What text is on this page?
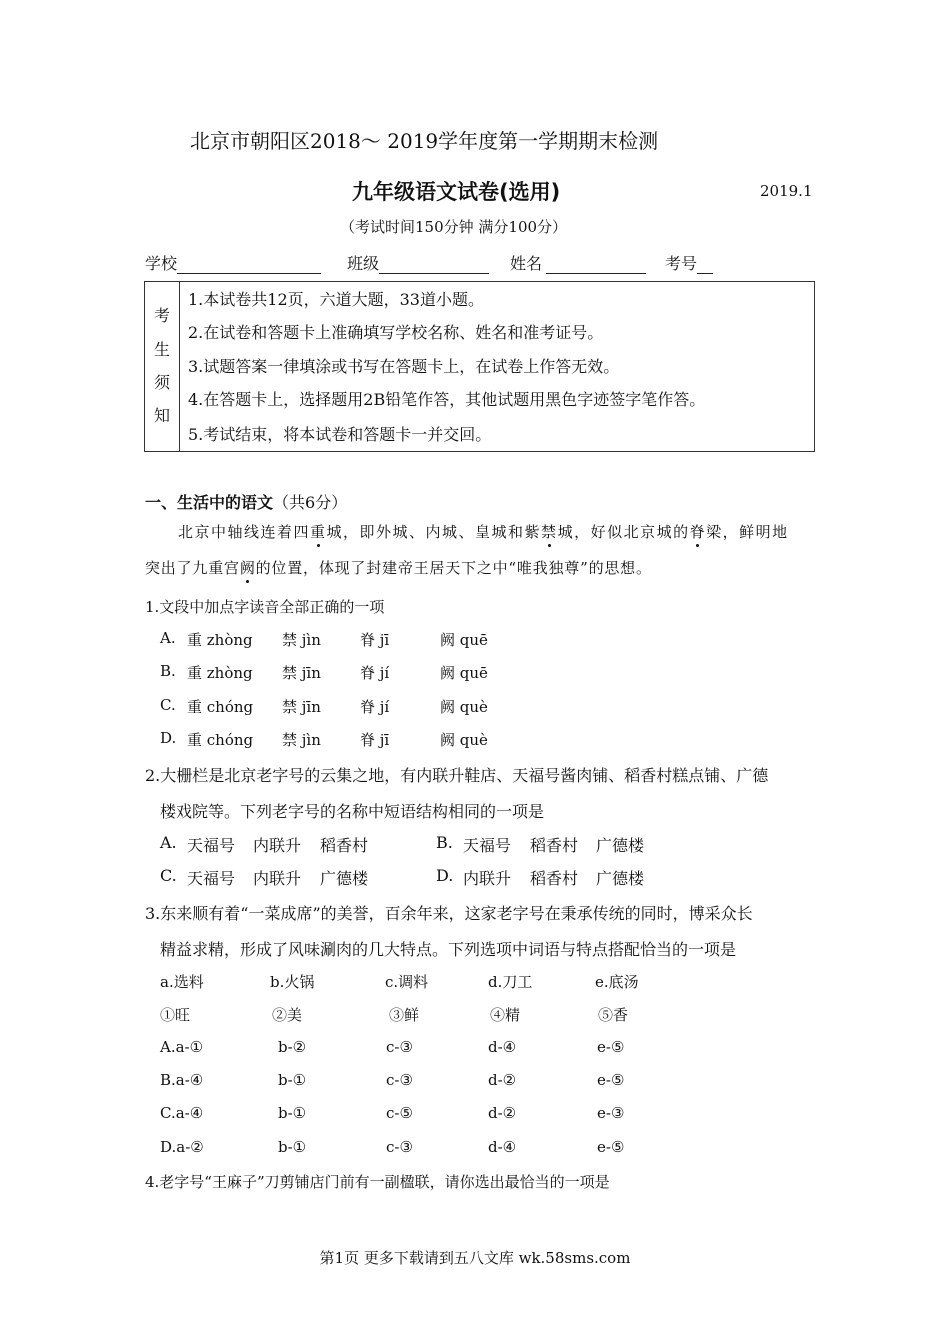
北京市朝阳区2018～ 2019学年度第一学期期末检测
九年级语文试卷(选用)	2019.1
（考试时间150分钟 满分100分）
学校	班级	姓名	考号
考
生
须
知
1.本试卷共12页，六道大题，33道小题。
2.在试卷和答题卡上准确填写学校名称、姓名和准考证号。
3.试题答案一律填涂或书写在答题卡上，在试卷上作答无效。
4.在答题卡上，选择题用2B铅笔作答，其他试题用黑色字迹签字笔作答。
5.考试结束，将本试卷和答题卡一并交回。
一、生活中的语文（共6分）
北京中轴线连着四重城，即外城、内城、皇城和紫禁城，好似北京城的脊梁，鲜明地
突出了九重宫阙的位置，体现了封建帝王居天下之中“唯我独尊”的思想。
1.文段中加点字读音全部正确的一项
A. 重 zhòng 禁 jìn	脊 jī	阙 quē
B. 重 zhòng 禁 jīn	脊 jí	阙 quē
C. 重 chóng 禁 jīn	脊 jí	阙 què
D. 重 chóng 禁 jìn	脊 jī	阙 què
2.大栅栏是北京老字号的云集之地，有内联升鞋店、天福号酱肉铺、稻香村糕点铺、广德
楼戏院等。下列老字号的名称中短语结构相同的一项是
A. 天福号 内联升 稻香村	B. 天福号 稻香村 广德楼
C. 天福号 内联升 广德楼	D. 内联升 稻香村 广德楼
3.东来顺有着“一菜成席”的美誉，百余年来，这家老字号在秉承传统的同时，博采众长
精益求精，形成了风味涮肉的几大特点。下列选项中词语与特点搭配恰当的一项是
a.选料	b.火锅	c.调料	d.刀工	e.底汤
①旺	②美	③鲜	④精	⑤香
A.a-①	b-②	c-③	d-④	e-⑤
B.a-④	b-①	c-③	d-②	e-⑤
C.a-④	b-①	c-⑤	d-②	e-③
D.a-②	b-①	c-③	d-④	e-⑤
4.老字号“王麻子”刀剪铺店门前有一副楹联，请你选出最恰当的一项是
第1页 更多下载请到五八文库 wk.58sms.com
